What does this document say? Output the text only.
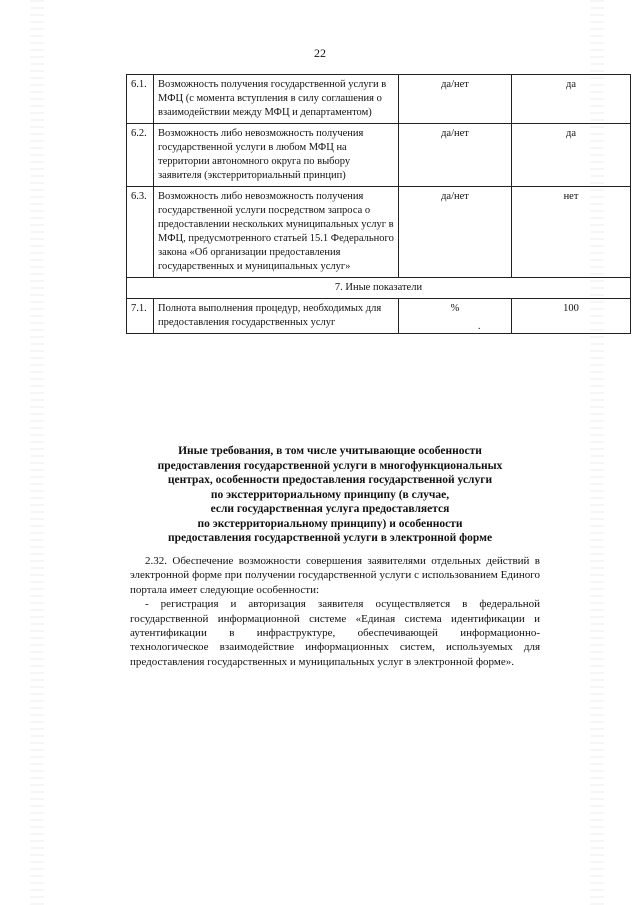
22
6.1.	Возможность получения государственной услуги в МФЦ (с момента вступления в силу соглашения о взаимодействии между МФЦ и департаментом)	да/нет	да
6.2.	Возможность либо невозможность получения государственной услуги в любом МФЦ на территории автономного округа по выбору заявителя (экстерриториальный принцип)	да/нет	да
6.3.	Возможность либо невозможность получения государственной услуги посредством запроса о предоставлении нескольких муниципальных услуг в МФЦ, предусмотренного статьей 15.1 Федерального закона «Об организации предоставления государственных и муниципальных услуг»	да/нет	нет
7. Иные показатели			
7.1.	Полнота выполнения процедур, необходимых для предоставления государственных услуг	%	100
.
Иные требования, в том числе учитывающие особенности
предоставления государственной услуги в многофункциональных
центрах, особенности предоставления государственной услуги
по экстерриториальному принципу (в случае,
если государственная услуга предоставляется
по экстерриториальному принципу) и особенности
предоставления государственной услуги в электронной форме

2.32. Обеспечение возможности совершения заявителями отдельных действий в электронной форме при получении государственной услуги с использованием Единого портала имеет следующие особенности:

- регистрация и авторизация заявителя осуществляется в федеральной государственной информационной системе «Единая система идентификации и аутентификации в инфраструктуре, обеспечивающей информационно-технологическое взаимодействие информационных систем, используемых для предоставления государственных и муниципальных услуг в электронной форме».
